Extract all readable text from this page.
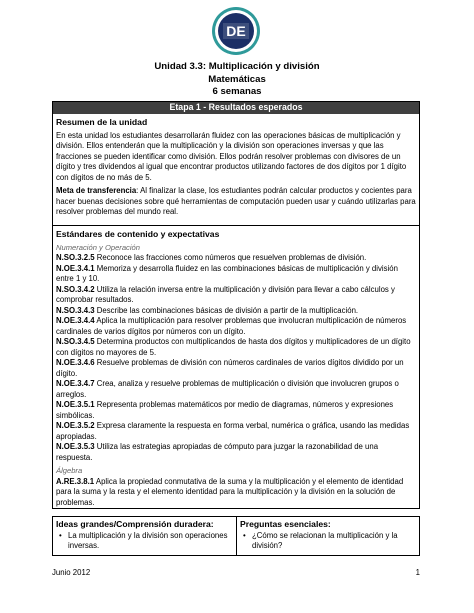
DE
Unidad 3.3: Multiplicación y división
Matemáticas
6 semanas
Etapa 1 - Resultados esperados
Resumen de la unidad
En esta unidad los estudiantes desarrollarán fluidez con las operaciones básicas de multiplicación y división. Ellos entenderán que la multiplicación y la división son operaciones inversas y que las fracciones se pueden identificar como división. Ellos podrán resolver problemas con divisores de un dígito y tres dividendos al igual que encontrar productos utilizando factores de dos dígitos por 1 dígito con dígitos de no más de 5.
Meta de transferencia: Al finalizar la clase, los estudiantes podrán calcular productos y cocientes para hacer buenas decisiones sobre qué herramientas de computación pueden usar y cuándo utilizarlas para resolver problemas del mundo real.
Estándares de contenido y expectativas
Numeración y Operación
N.SO.3.2.5 Reconoce las fracciones como números que resuelven problemas de división.
N.OE.3.4.1 Memoriza y desarrolla fluidez en las combinaciones básicas de multiplicación y división entre 1 y 10.
N.SO.3.4.2 Utiliza la relación inversa entre la multiplicación y división para llevar a cabo cálculos y comprobar resultados.
N.SO.3.4.3 Describe las combinaciones básicas de división a partir de la multiplicación.
N.OE.3.4.4 Aplica la multiplicación para resolver problemas que involucran multiplicación de números cardinales de varios dígitos por números con un dígito.
N.SO.3.4.5 Determina productos con multiplicandos de hasta dos dígitos y multiplicadores de un dígito con dígitos no mayores de 5.
N.OE.3.4.6 Resuelve problemas de división con números cardinales de varios dígitos dividido por un dígito.
N.OE.3.4.7 Crea, analiza y resuelve problemas de multiplicación o división que involucren grupos o arreglos.
N.OE.3.5.1 Representa problemas matemáticos por medio de diagramas, números y expresiones simbólicas.
N.OE.3.5.2 Expresa claramente la respuesta en forma verbal, numérica o gráfica, usando las medidas apropiadas.
N.OE.3.5.3 Utiliza las estrategias apropiadas de cómputo para juzgar la razonabilidad de una respuesta.
Álgebra
A.RE.3.8.1 Aplica la propiedad conmutativa de la suma y la multiplicación y el elemento de identidad para la suma y la resta y el elemento identidad para la multiplicación y la división en la solución de problemas.
Ideas grandes/Comprensión duradera:
• La multiplicación y la división son operaciones inversas.
Preguntas esenciales:
• ¿Cómo se relacionan la multiplicación y la división?
Junio 2012	1
